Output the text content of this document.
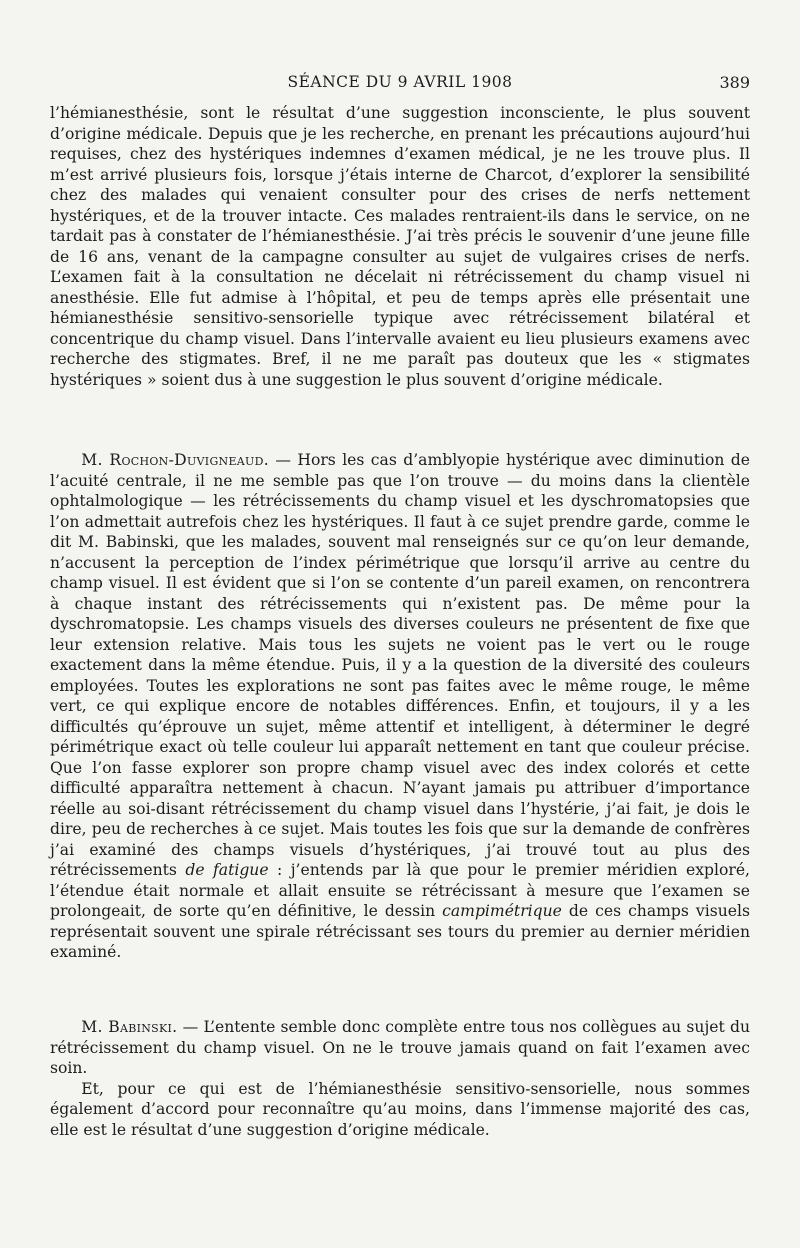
SÉANCE DU 9 AVRIL 1908	389

l’hémianesthésie, sont le résultat d’une suggestion inconsciente, le plus souvent d’origine médicale. Depuis que je les recherche, en prenant les précautions aujourd’hui requises, chez des hystériques indemnes d’examen médical, je ne les trouve plus. Il m’est arrivé plusieurs fois, lorsque j’étais interne de Charcot, d’explorer la sensibilité chez des malades qui venaient consulter pour des crises de nerfs nettement hystériques, et de la trouver intacte. Ces malades rentraient-ils dans le service, on ne tardait pas à constater de l’hémianesthésie. J’ai très précis le souvenir d’une jeune fille de 16 ans, venant de la campagne consulter au sujet de vulgaires crises de nerfs. L’examen fait à la consultation ne décelait ni rétrécissement du champ visuel ni anesthésie. Elle fut admise à l’hôpital, et peu de temps après elle présentait une hémianesthésie sensitivo-sensorielle typique avec rétrécissement bilatéral et concentrique du champ visuel. Dans l’intervalle avaient eu lieu plusieurs examens avec recherche des stigmates. Bref, il ne me paraît pas douteux que les « stigmates hystériques » soient dus à une suggestion le plus souvent d’origine médicale.

M. Rochon-Duvigneaud. — Hors les cas d’amblyopie hystérique avec diminution de l’acuité centrale, il ne me semble pas que l’on trouve — du moins dans la clientèle ophtalmologique — les rétrécissements du champ visuel et les dyschromatopsies que l’on admettait autrefois chez les hystériques. Il faut à ce sujet prendre garde, comme le dit M. Babinski, que les malades, souvent mal renseignés sur ce qu’on leur demande, n’accusent la perception de l’index périmétrique que lorsqu’il arrive au centre du champ visuel. Il est évident que si l’on se contente d’un pareil examen, on rencontrera à chaque instant des rétrécissements qui n’existent pas. De même pour la dyschromatopsie. Les champs visuels des diverses couleurs ne présentent de fixe que leur extension relative. Mais tous les sujets ne voient pas le vert ou le rouge exactement dans la même étendue. Puis, il y a la question de la diversité des couleurs employées. Toutes les explorations ne sont pas faites avec le même rouge, le même vert, ce qui explique encore de notables différences. Enfin, et toujours, il y a les difficultés qu’éprouve un sujet, même attentif et intelligent, à déterminer le degré périmétrique exact où telle couleur lui apparaît nettement en tant que couleur précise. Que l’on fasse explorer son propre champ visuel avec des index colorés et cette difficulté apparaîtra nettement à chacun. N’ayant jamais pu attribuer d’importance réelle au soi-disant rétrécissement du champ visuel dans l’hystérie, j’ai fait, je dois le dire, peu de recherches à ce sujet. Mais toutes les fois que sur la demande de confrères j’ai examiné des champs visuels d’hystériques, j’ai trouvé tout au plus des rétrécissements de fatigue : j’entends par là que pour le premier méridien exploré, l’étendue était normale et allait ensuite se rétrécissant à mesure que l’examen se prolongeait, de sorte qu’en définitive, le dessin campimétrique de ces champs visuels représentait souvent une spirale rétrécissant ses tours du premier au dernier méridien examiné.

M. Babinski. — L’entente semble donc complète entre tous nos collègues au sujet du rétrécissement du champ visuel. On ne le trouve jamais quand on fait l’examen avec soin.

Et, pour ce qui est de l’hémianesthésie sensitivo-sensorielle, nous sommes également d’accord pour reconnaître qu’au moins, dans l’immense majorité des cas, elle est le résultat d’une suggestion d’origine médicale.
